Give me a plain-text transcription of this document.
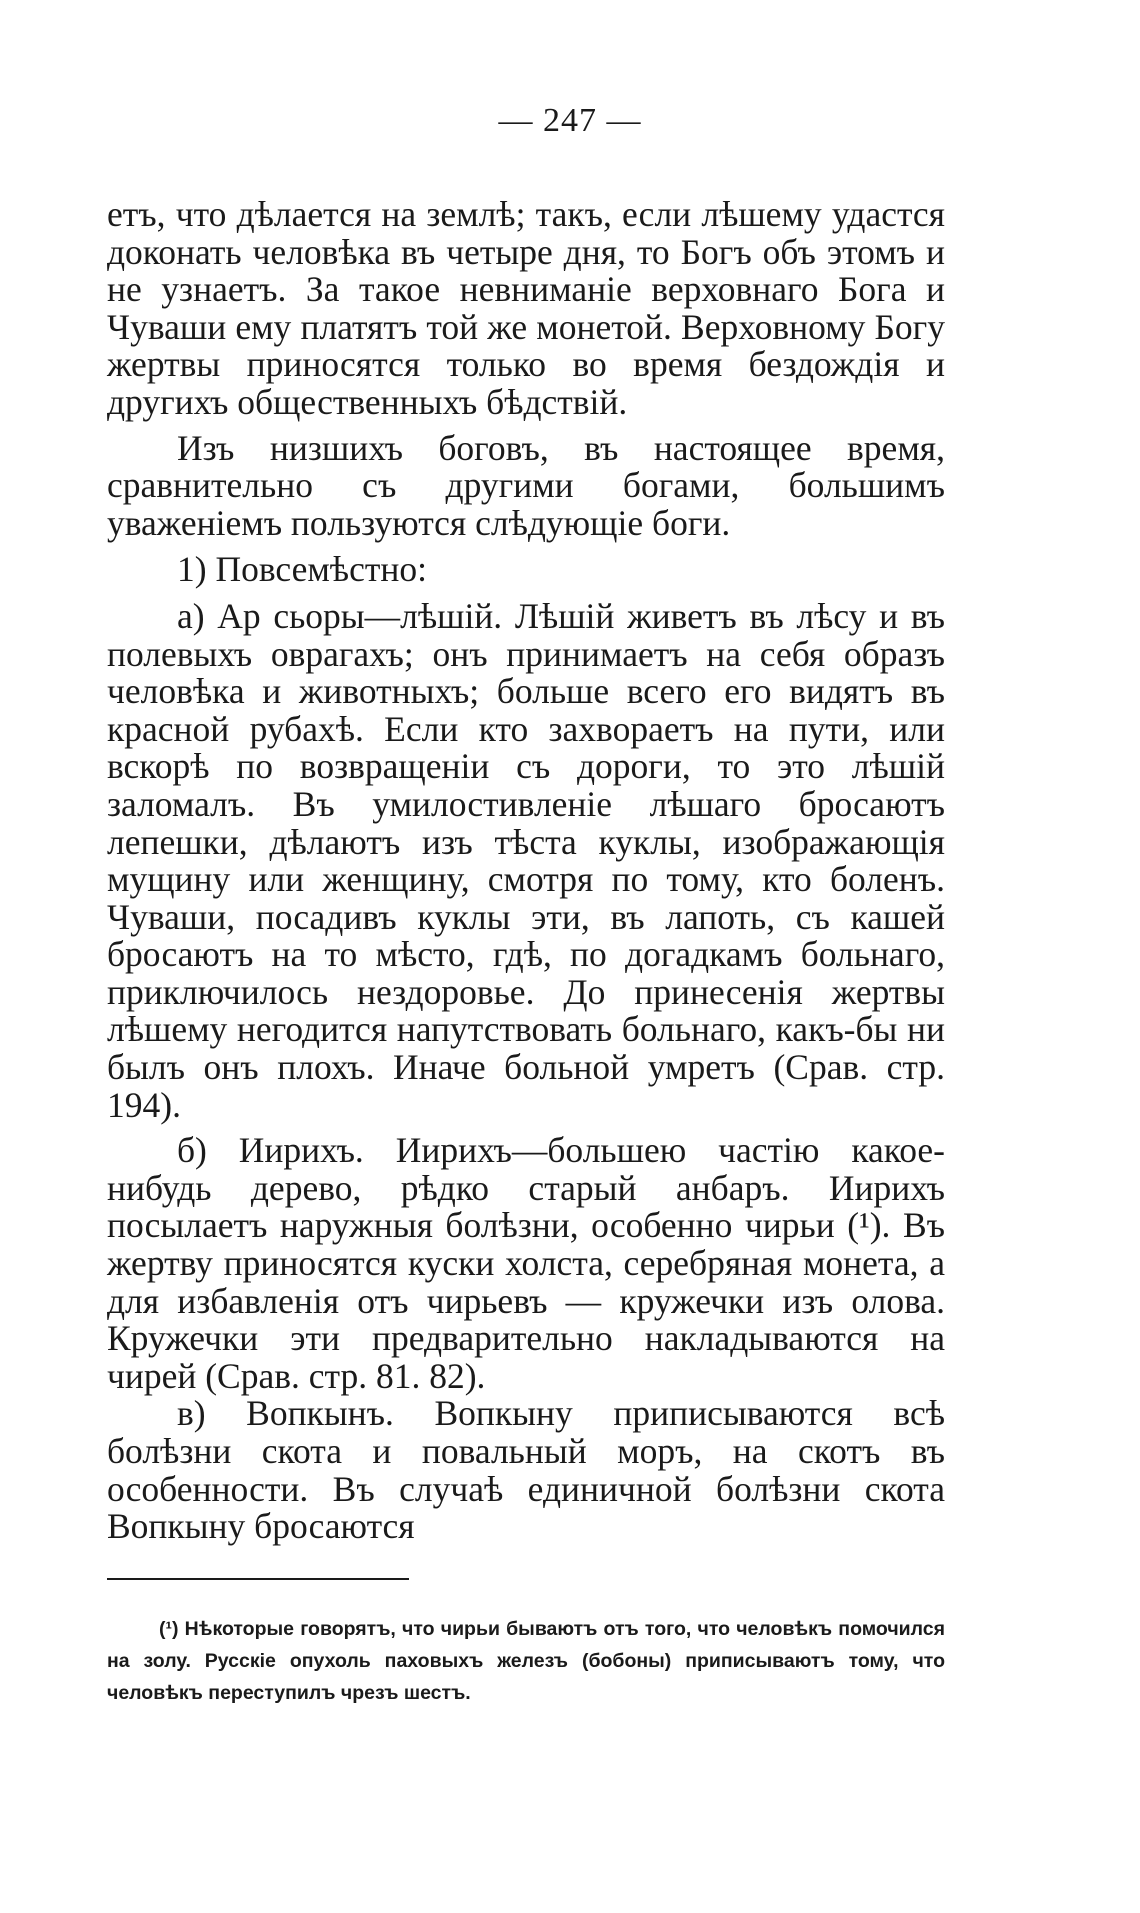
— 247 —

етъ, что дѣлается на землѣ; такъ, если лѣшему удастся доконать человѣка въ четыре дня, то Богъ объ этомъ и не узнаетъ. За такое невниманіе верховнаго Бога и Чуваши ему платятъ той же монетой. Верховному Богу жертвы приносятся только во время бездождія и другихъ общественныхъ бѣдствій.

Изъ низшихъ боговъ, въ настоящее время, сравнительно съ другими богами, большимъ уваженіемъ пользуются слѣдующіе боги.

1) Повсемѣстно:

а) Ар сьоры—лѣшій. Лѣшій живетъ въ лѣсу и въ полевыхъ оврагахъ; онъ принимаетъ на себя образъ человѣка и животныхъ; больше всего его видятъ въ красной рубахѣ. Если кто захвораетъ на пути, или вскорѣ по возвращеніи съ дороги, то это лѣшій заломалъ. Въ умилостивленіе лѣшаго бросаютъ лепешки, дѣлаютъ изъ тѣста куклы, изображающія мущину или женщину, смотря по тому, кто боленъ. Чуваши, посадивъ куклы эти, въ лапоть, съ кашей бросаютъ на то мѣсто, гдѣ, по догадкамъ больнаго, приключилось нездоровье. До принесенія жертвы лѣшему негодится напутствовать больнаго, какъ-бы ни былъ онъ плохъ. Иначе больной умретъ (Срав. стр. 194).

б) Иирихъ. Иирихъ—большею частію какое-нибудь дерево, рѣдко старый анбаръ. Иирихъ посылаетъ наружныя болѣзни, особенно чирьи (¹). Въ жертву приносятся куски холста, серебряная монета, а для избавленія отъ чирьевъ — кружечки изъ олова. Кружечки эти предварительно накладываются на чирей (Срав. стр. 81. 82).

в) Вопкынъ. Вопкыну приписываются всѣ болѣзни скота и повальный моръ, на скотъ въ особенности. Въ случаѣ единичной болѣзни скота Вопкыну бросаются

(¹) Нѣкоторые говорятъ, что чирьи бываютъ отъ того, что человѣкъ помочился на золу. Русскіе опухоль паховыхъ железъ (бобоны) приписываютъ тому, что человѣкъ переступилъ чрезъ шестъ.
